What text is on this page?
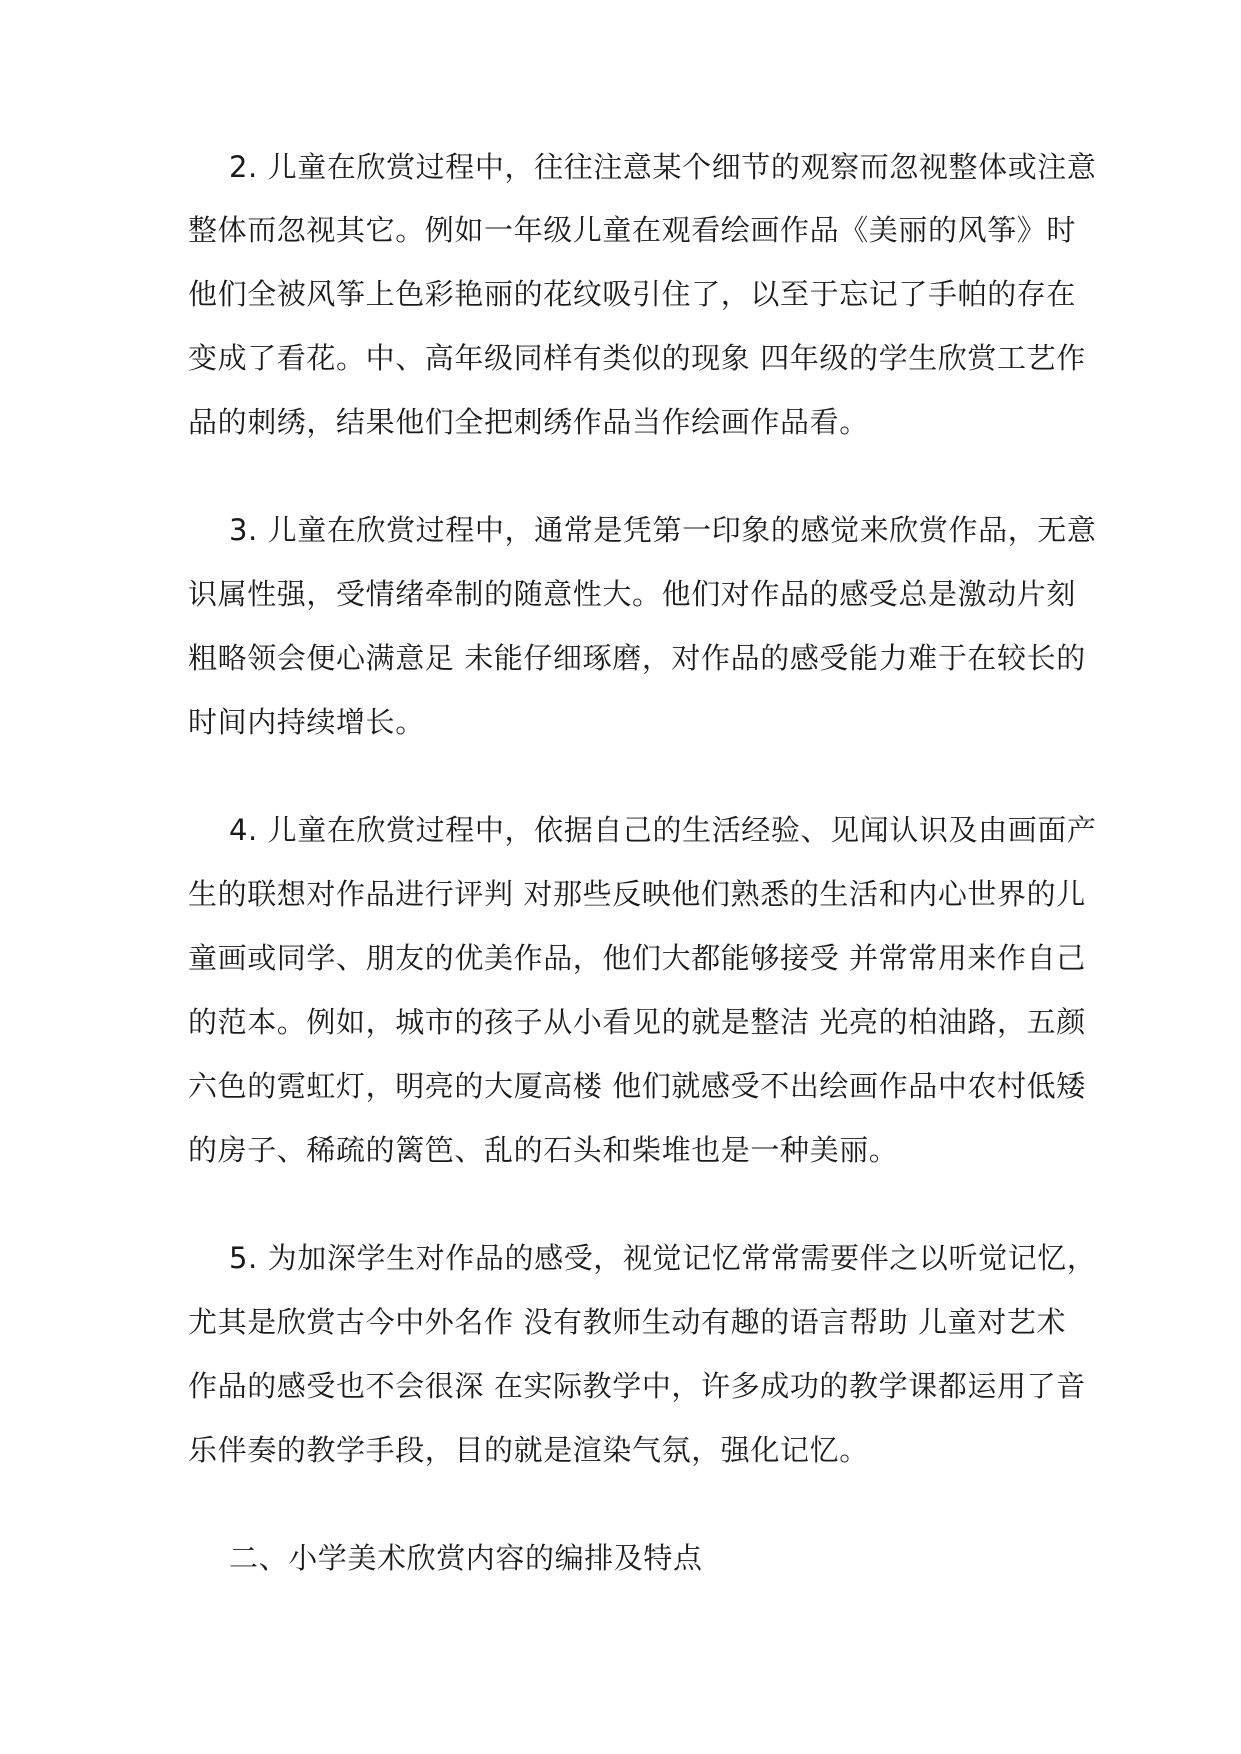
2. 儿童在欣赏过程中，往往注意某个细节的观察而忽视整体或注意
整体而忽视其它。例如一年级儿童在观看绘画作品《美丽的风筝》时
他们全被风筝上色彩艳丽的花纹吸引住了，以至于忘记了手帕的存在
变成了看花。中、高年级同样有类似的现象 四年级的学生欣赏工艺作
品的刺绣，结果他们全把刺绣作品当作绘画作品看。
3. 儿童在欣赏过程中，通常是凭第一印象的感觉来欣赏作品，无意
识属性强，受情绪牵制的随意性大。他们对作品的感受总是激动片刻
粗略领会便心满意足 未能仔细琢磨，对作品的感受能力难于在较长的
时间内持续增长。
4. 儿童在欣赏过程中，依据自己的生活经验、见闻认识及由画面产
生的联想对作品进行评判 对那些反映他们熟悉的生活和内心世界的儿
童画或同学、朋友的优美作品，他们大都能够接受 并常常用来作自己
的范本。例如，城市的孩子从小看见的就是整洁 光亮的柏油路，五颜
六色的霓虹灯，明亮的大厦高楼 他们就感受不出绘画作品中农村低矮
的房子、稀疏的篱笆、乱的石头和柴堆也是一种美丽。
5. 为加深学生对作品的感受，视觉记忆常常需要伴之以听觉记忆，
尤其是欣赏古今中外名作 没有教师生动有趣的语言帮助 儿童对艺术
作品的感受也不会很深 在实际教学中，许多成功的教学课都运用了音
乐伴奏的教学手段，目的就是渲染气氛，强化记忆。
二、小学美术欣赏内容的编排及特点
